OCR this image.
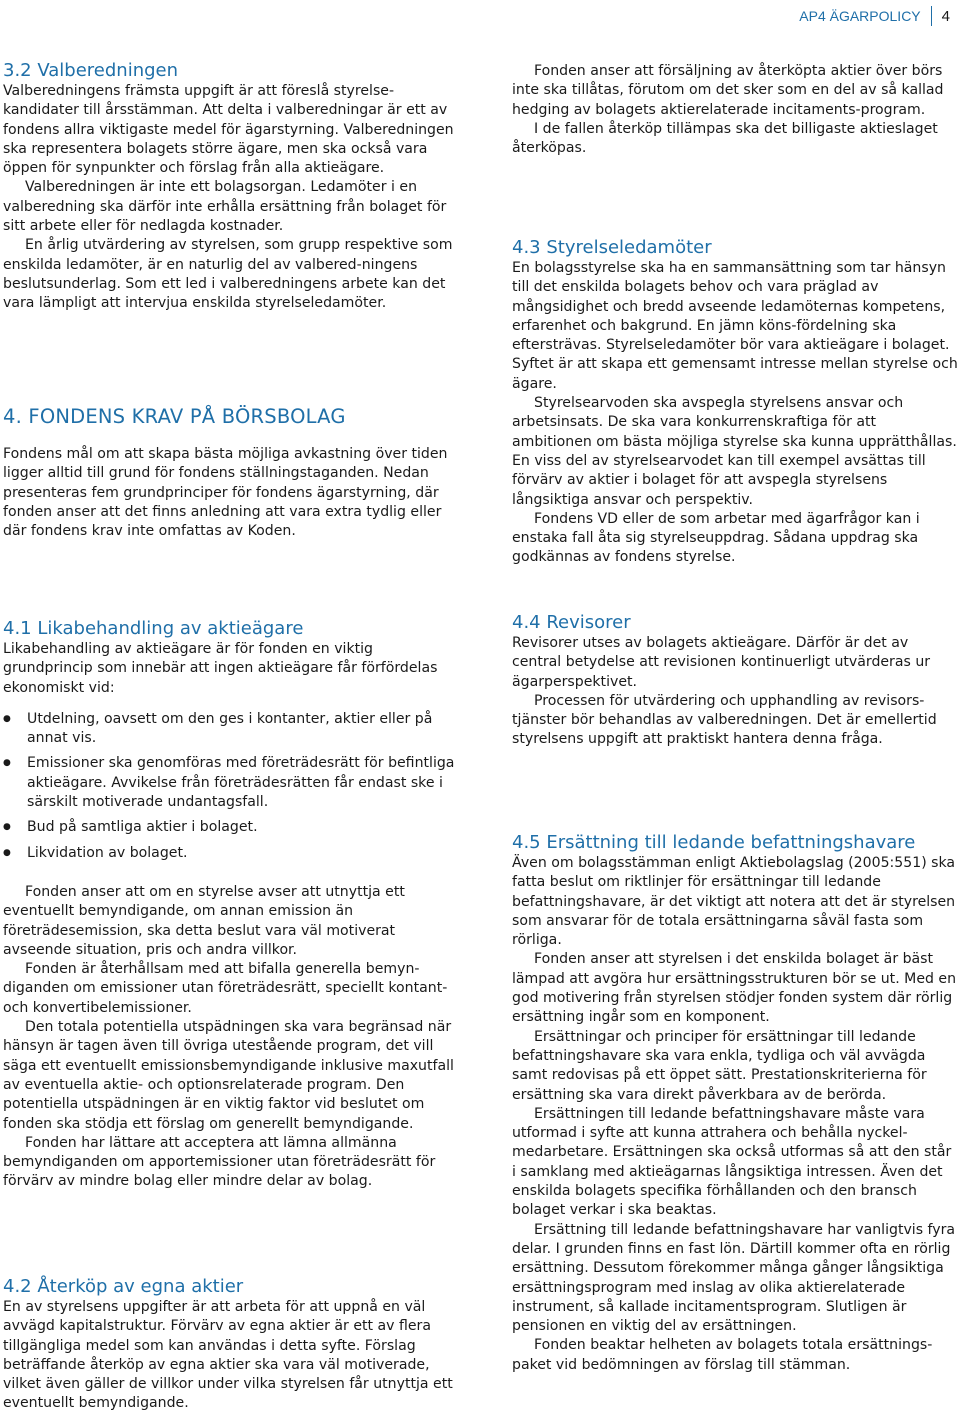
AP4 ÄGARPOLICY 4
3.2 Valberedningen

Valberedningens främsta uppgift är att föreslå styrelse-kandidater till årsstämman. Att delta i valberedningar är ett av fondens allra viktigaste medel för ägarstyrning. Valberedningen ska representera bolagets större ägare, men ska också vara öppen för synpunkter och förslag från alla aktieägare.

Valberedningen är inte ett bolagsorgan. Ledamöter i en valberedning ska därför inte erhålla ersättning från bolaget för sitt arbete eller för nedlagda kostnader.

En årlig utvärdering av styrelsen, som grupp respektive som enskilda ledamöter, är en naturlig del av valbered-ningens beslutsunderlag. Som ett led i valberedningens arbete kan det vara lämpligt att intervjua enskilda styrelseledamöter.

4. FONDENS KRAV PÅ BÖRSBOLAG

Fondens mål om att skapa bästa möjliga avkastning över tiden ligger alltid till grund för fondens ställningstaganden. Nedan presenteras fem grundprinciper för fondens ägarstyrning, där fonden anser att det finns anledning att vara extra tydlig eller där fondens krav inte omfattas av Koden.

4.1 Likabehandling av aktieägare

Likabehandling av aktieägare är för fonden en viktig grundprincip som innebär att ingen aktieägare får förfördelas ekonomiskt vid:

● Utdelning, oavsett om den ges i kontanter, aktier eller på annat vis.
● Emissioner ska genomföras med företrädesrätt för befintliga aktieägare. Avvikelse från företrädesrätten får endast ske i särskilt motiverade undantagsfall.
● Bud på samtliga aktier i bolaget.
● Likvidation av bolaget.

Fonden anser att om en styrelse avser att utnyttja ett eventuellt bemyndigande, om annan emission än företrädesemission, ska detta beslut vara väl motiverat avseende situation, pris och andra villkor.

Fonden är återhållsam med att bifalla generella bemyn-diganden om emissioner utan företrädesrätt, speciellt kontant- och konvertibelemissioner.

Den totala potentiella utspädningen ska vara begränsad när hänsyn är tagen även till övriga utestående program, det vill säga ett eventuellt emissionsbemyndigande inklusive maxutfall av eventuella aktie- och optionsrelaterade program. Den potentiella utspädningen är en viktig faktor vid beslutet om fonden ska stödja ett förslag om generellt bemyndigande.

Fonden har lättare att acceptera att lämna allmänna bemyndiganden om apportemissioner utan företrädesrätt för förvärv av mindre bolag eller mindre delar av bolag.

4.2 Återköp av egna aktier

En av styrelsens uppgifter är att arbeta för att uppnå en väl avvägd kapitalstruktur. Förvärv av egna aktier är ett av flera tillgängliga medel som kan användas i detta syfte. Förslag beträffande återköp av egna aktier ska vara väl motiverade, vilket även gäller de villkor under vilka styrelsen får utnyttja ett eventuellt bemyndigande.

Fonden anser att försäljning av återköpta aktier över börs inte ska tillåtas, förutom om det sker som en del av så kallad hedging av bolagets aktierelaterade incitaments-program.

I de fallen återköp tillämpas ska det billigaste aktieslaget återköpas.

4.3 Styrelseledamöter

En bolagsstyrelse ska ha en sammansättning som tar hänsyn till det enskilda bolagets behov och vara präglad av mångsidighet och bredd avseende ledamöternas kompetens, erfarenhet och bakgrund. En jämn köns-fördelning ska eftersträvas. Styrelseledamöter bör vara aktieägare i bolaget. Syftet är att skapa ett gemensamt intresse mellan styrelse och ägare.

Styrelsearvoden ska avspegla styrelsens ansvar och arbetsinsats. De ska vara konkurrenskraftiga för att ambitionen om bästa möjliga styrelse ska kunna upprätthållas. En viss del av styrelsearvodet kan till exempel avsättas till förvärv av aktier i bolaget för att avspegla styrelsens långsiktiga ansvar och perspektiv.

Fondens VD eller de som arbetar med ägarfrågor kan i enstaka fall åta sig styrelseuppdrag. Sådana uppdrag ska godkännas av fondens styrelse.

4.4 Revisorer

Revisorer utses av bolagets aktieägare. Därför är det av central betydelse att revisionen kontinuerligt utvärderas ur ägarperspektivet.

Processen för utvärdering och upphandling av revisors-tjänster bör behandlas av valberedningen. Det är emellertid styrelsens uppgift att praktiskt hantera denna fråga.

4.5 Ersättning till ledande befattningshavare

Även om bolagsstämman enligt Aktiebolagslag (2005:551) ska fatta beslut om riktlinjer för ersättningar till ledande befattningshavare, är det viktigt att notera att det är styrelsen som ansvarar för de totala ersättningarna såväl fasta som rörliga.

Fonden anser att styrelsen i det enskilda bolaget är bäst lämpad att avgöra hur ersättningsstrukturen bör se ut. Med en god motivering från styrelsen stödjer fonden system där rörlig ersättning ingår som en komponent.

Ersättningar och principer för ersättningar till ledande befattningshavare ska vara enkla, tydliga och väl avvägda samt redovisas på ett öppet sätt. Prestationskriterierna för ersättning ska vara direkt påverkbara av de berörda.

Ersättningen till ledande befattningshavare måste vara utformad i syfte att kunna attrahera och behålla nyckel-medarbetare. Ersättningen ska också utformas så att den står i samklang med aktieägarnas långsiktiga intressen. Även det enskilda bolagets specifika förhållanden och den bransch bolaget verkar i ska beaktas.

Ersättning till ledande befattningshavare har vanligtvis fyra delar. I grunden finns en fast lön. Därtill kommer ofta en rörlig ersättning. Dessutom förekommer många gånger långsiktiga ersättningsprogram med inslag av olika aktierelaterade instrument, så kallade incitamentsprogram. Slutligen är pensionen en viktig del av ersättningen.

Fonden beaktar helheten av bolagets totala ersättnings-paket vid bedömningen av förslag till stämman.
